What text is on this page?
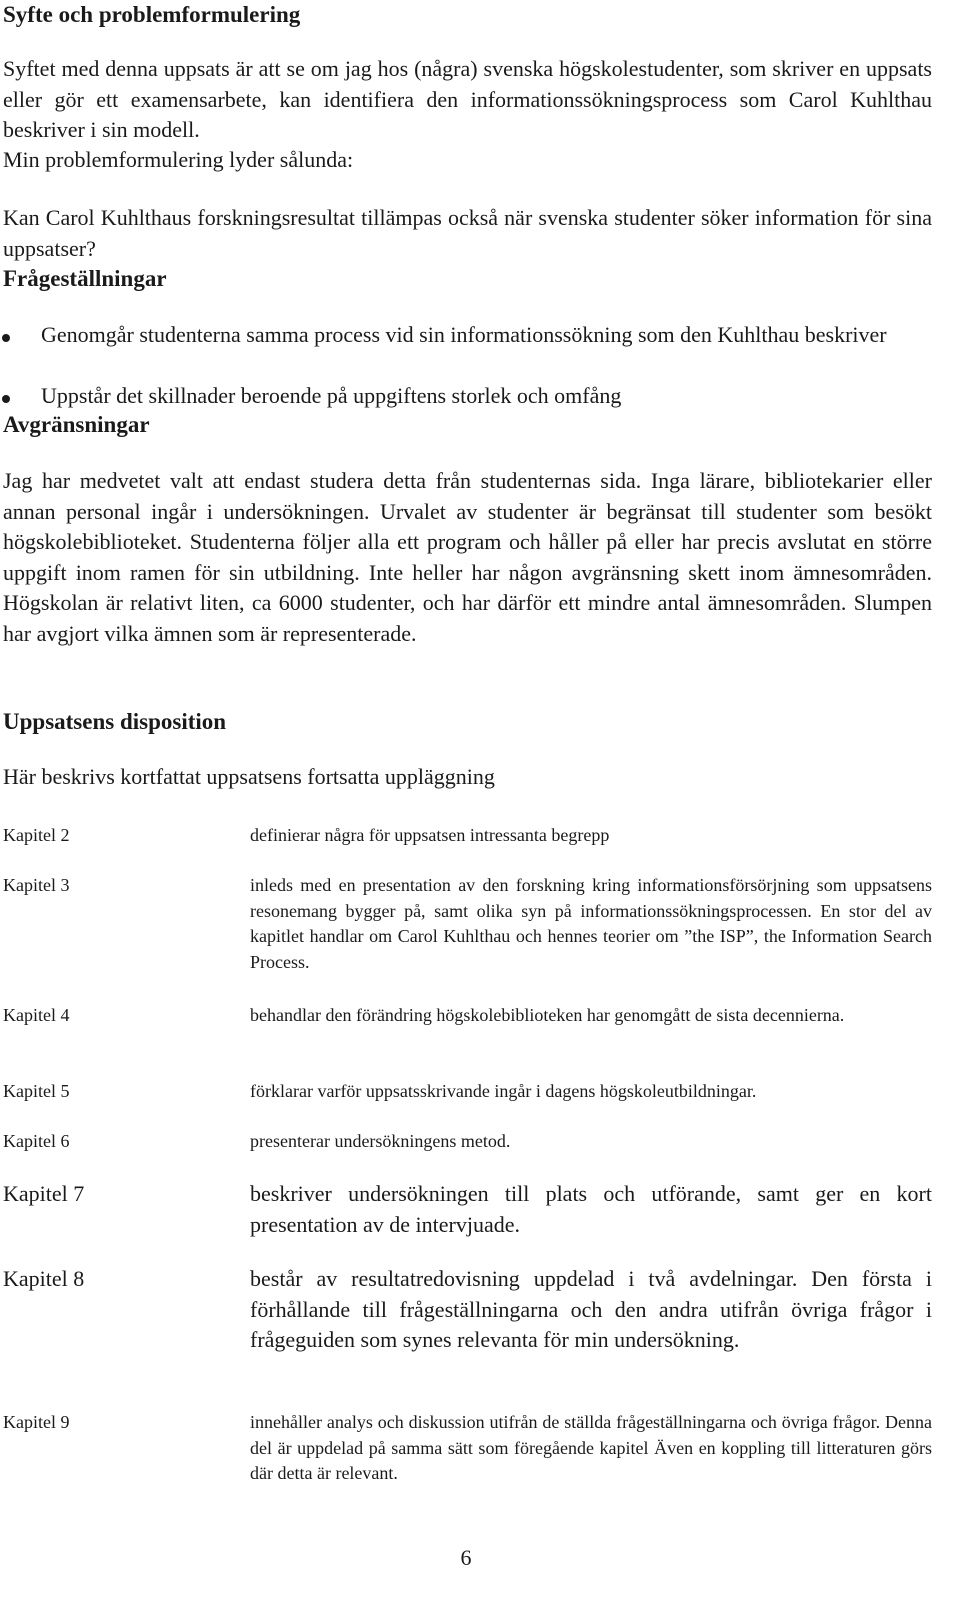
Syfte och problemformulering
Syftet med denna uppsats är att se om jag hos (några) svenska högskolestudenter, som skriver en uppsats eller gör ett examensarbete, kan identifiera den informationssökningsprocess som Carol Kuhlthau beskriver i sin modell.
Min problemformulering lyder sålunda:
Kan Carol Kuhlthaus forskningsresultat tillämpas också när svenska studenter söker information för sina uppsatser?
Frågeställningar
Genomgår studenterna samma process vid sin informationssökning som den Kuhlthau beskriver
Uppstår det skillnader beroende på uppgiftens storlek och omfång
Avgränsningar
Jag har medvetet valt att endast studera detta från studenternas sida. Inga lärare, bibliotekarier eller annan personal ingår i undersökningen. Urvalet av studenter är begränsat till studenter som besökt högskolebiblioteket. Studenterna följer alla ett program och håller på eller har precis avslutat en större uppgift inom ramen för sin utbildning. Inte heller har någon avgränsning skett inom ämnesområden. Högskolan är relativt liten, ca 6000 studenter, och har därför ett mindre antal ämnesområden. Slumpen har avgjort vilka ämnen som är representerade.
Uppsatsens disposition
Här beskrivs kortfattat uppsatsens fortsatta uppläggning
Kapitel 2	definierar några för uppsatsen intressanta begrepp
Kapitel 3	inleds med en presentation av den forskning kring informationsförsörjning som uppsatsens resonemang bygger på, samt olika syn på informationssökningsprocessen. En stor del av kapitlet handlar om Carol Kuhlthau och hennes teorier om ”the ISP”, the Information Search Process.
Kapitel 4	behandlar den förändring högskolebiblioteken har genomgått de sista decennierna.
Kapitel 5	förklarar varför uppsatsskrivande ingår i dagens högskoleutbildningar.
Kapitel 6	presenterar undersökningens metod.
Kapitel 7	beskriver undersökningen till plats och utförande, samt ger en kort presentation av de intervjuade.
Kapitel 8	består av resultatredovisning uppdelad i två avdelningar. Den första i förhållande till frågeställningarna och den andra utifrån övriga frågor i frågeguiden som synes relevanta för min undersökning.
Kapitel 9	innehåller analys och diskussion utifrån de ställda frågeställningarna och övriga frågor. Denna del är uppdelad på samma sätt som föregående kapitel Även en koppling till litteraturen görs där detta är relevant.
6
